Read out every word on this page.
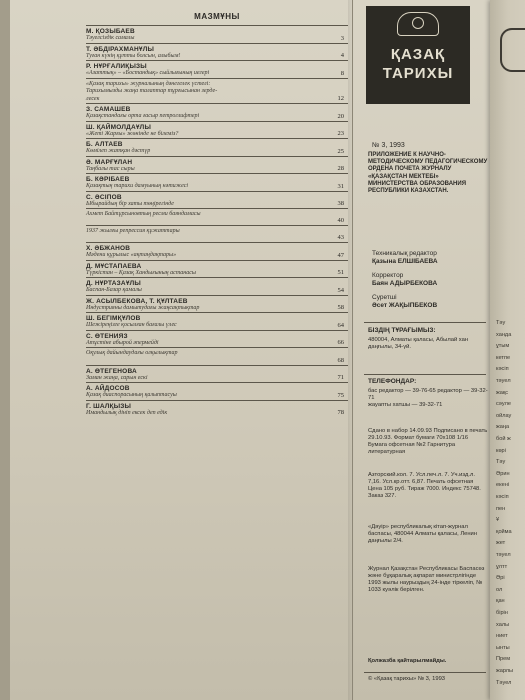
МАЗМҰНЫ
М. ҚОЗЫБАЕВ
Тәуелсіздік самалы	3
Т. ӘБДІРАХМАНҰЛЫ
Туған күнің құтты болсын, алыбым!	4
Р. НҰРҒАЛИҚЫЗЫ
«Азаттық» – «Бостандық» сыйлығының иегері	8
«Қазақ тарихы» журналының дәнегелек үстелі:
Тарихымызды жаңа талаптар тұрғысынан зерде-
лесек	12
З. САМАШЕВ
Қазақстандағы орта ғасыр петроглифтері	20
Ш. ҚАЙМОЛДАҰЛЫ
«Жеті Жарғы» жөнінде не білеміз?	23
Б. АЛТАЕВ
Көмілеп жатқан дәстүр	25
Ә. МАРҒҰЛАН
Таңбалы тас сыры	28
Б. КӘРІБАЕВ
Қазақтың тарихи дамуының нәтижесі	31
С. ӘСІПОВ
Ыбырайдың бір хаты төңірегінде	38
Ахмет Байтұрсыновтың ресми баяндамасы
40
1937 жылғы репрессия құжаттары
43
Х. ӘБЖАНОВ
Мәдени құрылыс «ақтаңдақтары»	47
Д. МҰСТАПАЕВА
Түркістан – Қазақ Хандығының астанасы	51
Д. НҰРТАЗАҰЛЫ
Баспан-Базар қамалы	54
Ж. АСЫЛБЕКОВА, Т. ҚҰЛТАЕВ
Индустрияны дамытудағы жаңсақтықтар	58
Ш. БЕГІМҚҰЛОВ
Шежіреңізге қосылған бағалы үлес	64
С. ӨТЕНИЯЗ
Атұстіне абырой әпермейді	66
Оқулық дайындаудағы олқылықтар
68
А. ӨТЕГЕНОВА
Заман жаңа, сарын ескі	71
А. АЙДОСОВ
Қазақ диаспорасының қалыптасуы	75
Г. ШАЛҚЫЗЫ
Имандылық дініп ексек деп едік	78
ҚАЗАҚ
ТАРИХЫ
№ 3, 1993
ПРИЛОЖЕНИЕ К НАУЧНО-МЕТОДИЧЕСКОМУ ПЕДАГОГИЧЕСКОМУ ОРДЕНА ПОЧЕТА ЖУРНАЛУ «ҚАЗАҚСТАН МЕКТЕБІ» МИНИСТЕРСТВА ОБРАЗОВАНИЯ РЕСПУБЛИКИ КАЗАХСТАН.
Техникалық редактор
Қазына ЕЛШІБАЕВА
Корректор
Баян АДЫРБЕКОВА
Суретші
Әсет ЖАҚЫПБЕКОВ
БІЗДІҢ ТҰРАҒЫМЫЗ:
480004, Алматы қаласы, Абылай хан даңғылы, 34-үй.
ТЕЛЕФОНДАР:
бас редактор — 39-76-65 редактор — 39-32-71
жауапты хатшы — 39-32-71
Сдано в набор 14.09.93 Подписано в печать 29.10.93. Формат бумаги 70х108 1/16 Бумага офсетная №2 Гарнитура литературная
Азторский.кол. 7. Усл.печ.л. 7. Уч.изд.л. 7,16. Усл.кр.отт. 6,87. Печать офсетная Цена 105 руб. Тираж 7000. Индекс 75748. Заказ 327.
«Дәуір» республикалық кітап-журнал баспасы, 480044 Алматы қаласы, Ленин даңғылы 2/4.
Журнал Қазақстан Республикасы Баспасөз және бұқаралық ақпарат министрлігінде 1993 жылы наурыздың 24-інде тіркеліп, № 1033 куәлік берілген.
Қолжазба қайтарылмайды.
© «Қазақ тарихы» № 3, 1993
Тәу
ханда
ұтым
кетпе
кәсіп
тәуел
жақс
сәуле
ойлау
жаңа
бой ж
көрі
Тәу
Әрин
екені
кәсіп
пен
Ұ
қойма
жет
тәуел
ұлтт
Әрі
ол
қан
бірін
халы
ниет
ынты
Прем
жарлы
Тәуел
